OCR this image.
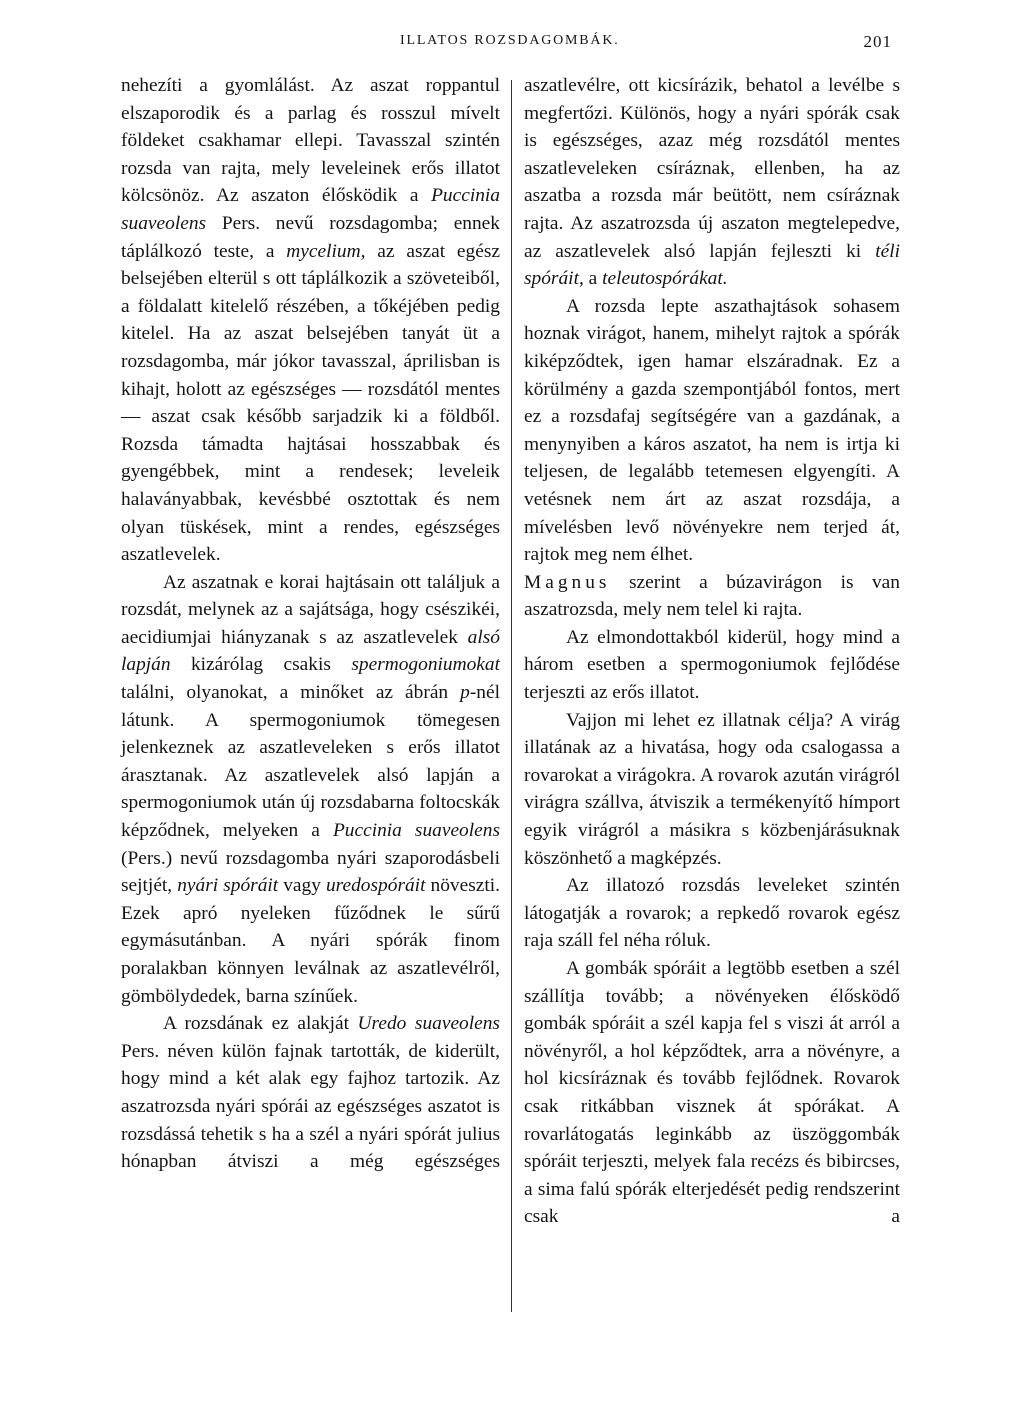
ILLATOS ROZSDAGOMBÁK.	201

nehezíti a gyomlálást. Az aszat roppantul elszaporodik és a parlag és rosszul mívelt földeket csakhamar ellepi. Tavasszal szintén rozsda van rajta, mely leveleinek erős illatot kölcsönöz. Az aszaton élősködik a Puccinia suaveolens Pers. nevű rozsdagomba; ennek táplálkozó teste, a mycelium, az aszat egész belsejében elterül s ott táplálkozik a szöveteiből, a földalatt kitelelő részében, a tőkéjében pedig kitelel. Ha az aszat belsejében tanyát üt a rozsdagomba, már jókor tavasszal, áprilisban is kihajt, holott az egészséges — rozsdától mentes — aszat csak később sarjadzik ki a földből. Rozsda támadta hajtásai hosszabbak és gyengébbek, mint a rendesek; leveleik halaványabbak, kevésbbé osztottak és nem olyan tüskések, mint a rendes, egészséges aszatlevelek.

Az aszatnak e korai hajtásain ott találjuk a rozsdát, melynek az a sajátsága, hogy csészikéi, aecidiumjai hiányzanak s az aszatlevelek alsó lapján kizárólag csakis spermogoniumokat találni, olyanokat, a minőket az ábrán p-nél látunk. A spermogoniumok tömegesen jelenkeznek az aszatleveleken s erős illatot árasztanak. Az aszatlevelek alsó lapján a spermogoniumok után új rozsdabarna foltocskák képződnek, melyeken a Puccinia suaveolens (Pers.) nevű rozsdagomba nyári szaporodásbeli sejtjét, nyári spóráit vagy uredospóráit növeszti. Ezek apró nyeleken fűződnek le sűrű egymásutánban. A nyári spórák finom poralakban könnyen leválnak az aszatlevélről, gömbölydedek, barna színűek.

A rozsdának ez alakját Uredo suaveolens Pers. néven külön fajnak tartották, de kiderült, hogy mind a két alak egy fajhoz tartozik. Az aszatrozsda nyári spórái az egészséges aszatot is rozsdássá tehetik s ha a szél a nyári spórát julius hónapban átviszi a még egészséges

aszatlevélre, ott kicsírázik, behatol a levélbe s megfertőzi. Különös, hogy a nyári spórák csak is egészséges, azaz még rozsdától mentes aszatleveleken csíráznak, ellenben, ha az aszatba a rozsda már beütött, nem csíráznak rajta. Az aszatrozsda új aszaton megtelepedve, az aszatlevelek alsó lapján fejleszti ki téli spóráit, a teleutospórákat.

A rozsda lepte aszathajtások sohasem hoznak virágot, hanem, mihelyt rajtok a spórák kiképződtek, igen hamar elszáradnak. Ez a körülmény a gazda szempontjából fontos, mert ez a rozsdafaj segítségére van a gazdának, a menynyiben a káros aszatot, ha nem is irtja ki teljesen, de legalább tetemesen elgyengíti. A vetésnek nem árt az aszat rozsdája, a mívelésben levő növényekre nem terjed át, rajtok meg nem élhet.

Magnus szerint a búzavirágon is van aszatrozsda, mely nem telel ki rajta.

Az elmondottakból kiderül, hogy mind a három esetben a spermogoniumok fejlődése terjeszti az erős illatot.

Vajjon mi lehet ez illatnak célja? A virág illatának az a hivatása, hogy oda csalogassa a rovarokat a virágokra. A rovarok azután virágról virágra szállva, átviszik a termékenyítő hímport egyik virágról a másikra s közbenjárásuknak köszönhető a magképzés.

Az illatozó rozsdás leveleket szintén látogatják a rovarok; a repkedő rovarok egész raja száll fel néha róluk.

A gombák spóráit a legtöbb esetben a szél szállítja tovább; a növényeken élősködő gombák spóráit a szél kapja fel s viszi át arról a növényről, a hol képződtek, arra a növényre, a hol kicsíráznak és tovább fejlődnek. Rovarok csak ritkábban visznek át spórákat. A rovarlátogatás leginkább az üszöggombák spóráit terjeszti, melyek fala recézs és bibircses, a sima falú spórák elterjedését pedig rendszerint csak a
